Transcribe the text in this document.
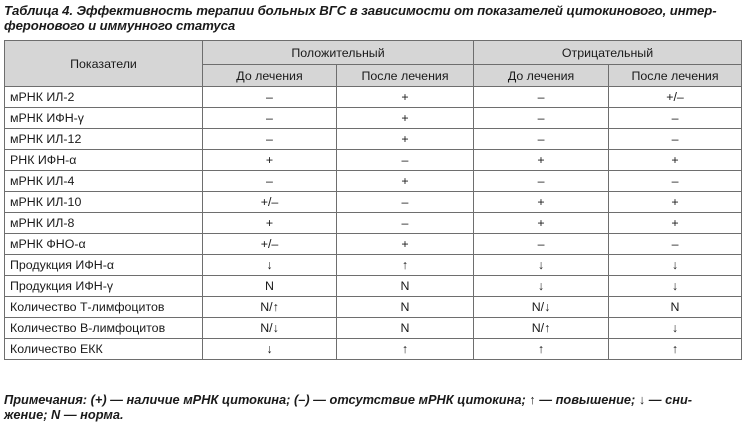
Таблица 4. Эффективность терапии больных ВГС в зависимости от показателей цитокинового, интер-
феронового и иммунного статуса
Показатели	Положительный		Отрицательный	
	До лечения	После лечения	До лечения	После лечения
мРНК ИЛ-2	–	+	–	+/–
мРНК ИФН-γ	–	+	–	–
мРНК ИЛ-12	–	+	–	–
РНК ИФН-α	+	–	+	+
мРНК ИЛ-4	–	+	–	–
мРНК ИЛ-10	+/–	–	+	+
мРНК ИЛ-8	+	–	+	+
мРНК ФНО-α	+/–	+	–	–
Продукция ИФН-α	↓	↑	↓	↓
Продукция ИФН-γ	N	N	↓	↓
Количество Т-лимфоцитов	N/↑	N	N/↓	N
Количество В-лимфоцитов	N/↓	N	N/↑	↓
Количество ЕКК	↓	↑	↑	↑
Примечания: (+) — наличие мРНК цитокина; (–) — отсутствие мРНК цитокина; ↑ — повышение; ↓ — сни-
жение; N — норма.
